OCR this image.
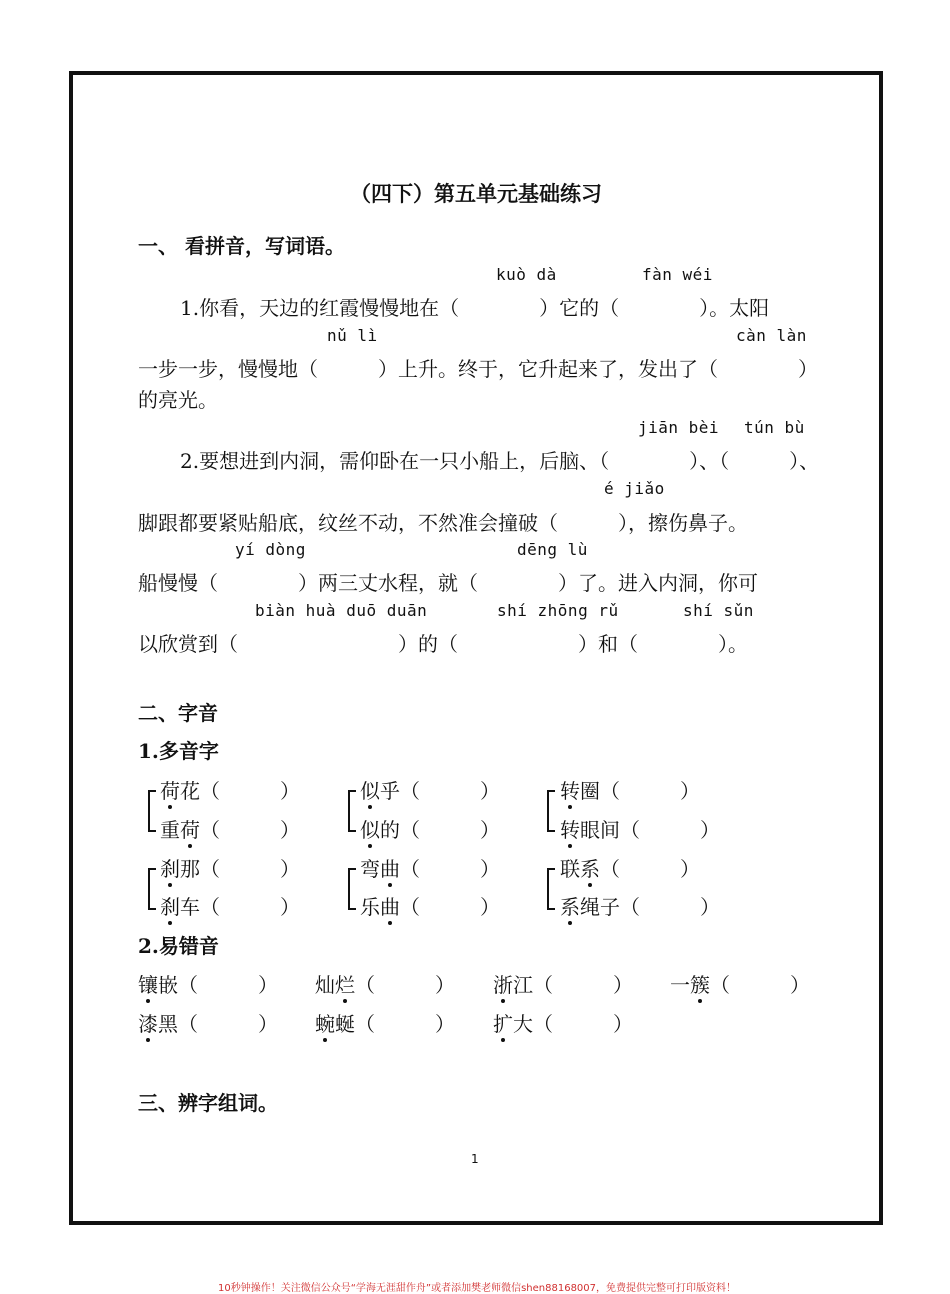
（四下）第五单元基础练习
一、 看拼音，写词语。
kuò dà	fàn wéi
1.你看，天边的红霞慢慢地在（　　　　）它的（　　　　）。太阳
nǔ lì	càn làn
一步一步，慢慢地（　　　）上升。终于，它升起来了，发出了（　　　　）
的亮光。
jiān bèi tún bù
2.要想进到内洞，需仰卧在一只小船上，后脑、（　　　　）、（　　　）、
é jiǎo
脚跟都要紧贴船底，纹丝不动，不然准会撞破（　　　），擦伤鼻子。
yí dòng	dēng lù
船慢慢（　　　　）两三丈水程，就（　　　　）了。进入内洞，你可
biàn huà duō duān	shí zhōng rǔ	shí sǔn
以欣赏到（　　　　　　　　）的（　　　　　　）和（　　　　）。
二、字音
1.多音字
荷花（　　　）
重荷（　　　）
似乎（　　　）
似的（　　　）
转圈（　　　）
转眼间（　　　）
刹那（　　　）
刹车（　　　）
弯曲（　　　）
乐曲（　　　）
联系（　　　）
系绳子（　　　）
2.易错音
镶嵌（　　　） 灿烂（　　　） 浙江（　　　） 一簇（　　　）
漆黑（　　　） 蜿蜒（　　　） 扩大（　　　）
三、辨字组词。
1
10秒钟操作！关注微信公众号“学海无涯甜作舟”或者添加樊老师微信shen88168007，免费提供完整可打印版资料！
